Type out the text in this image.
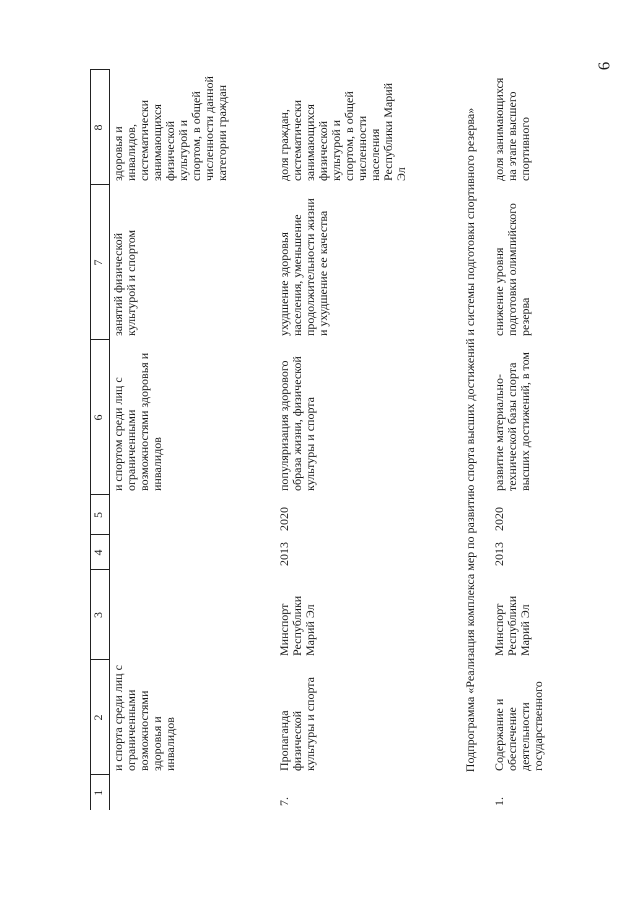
6
1	2	3	4	5	6	7	8
	и спорта среди лиц с ограниченными возможностями здоровья и инвалидов				и спортом среди лиц с ограниченными возможностями здоровья и инвалидов	занятий физической культурой и спортом	здоровья и инвалидов, систематически занимающихся физической культурой и спортом, в общей численности данной категории граждан
7.	Пропаганда физической культуры и спорта	Минспорт Республики Марий Эл	2013	2020	популяризация здорового образа жизни, физической культуры и спорта	ухудшение здоровья населения, уменьшение продолжительности жизни и ухудшение ее качества	доля граждан, систематически занимающихся физической культурой и спортом, в общей численности населения Республики Марий Эл
Подпрограмма «Реализация комплекса мер по развитию спорта высших достижений и системы подготовки спортивного резерва»							
1.	Содержание и обеспечение деятельности государственного	Минспорт Республики Марий Эл	2013	2020	развитие материально-технической базы спорта высших достижений, в том	снижение уровня подготовки олимпийского резерва	доля занимающихся на этапе высшего спортивного
